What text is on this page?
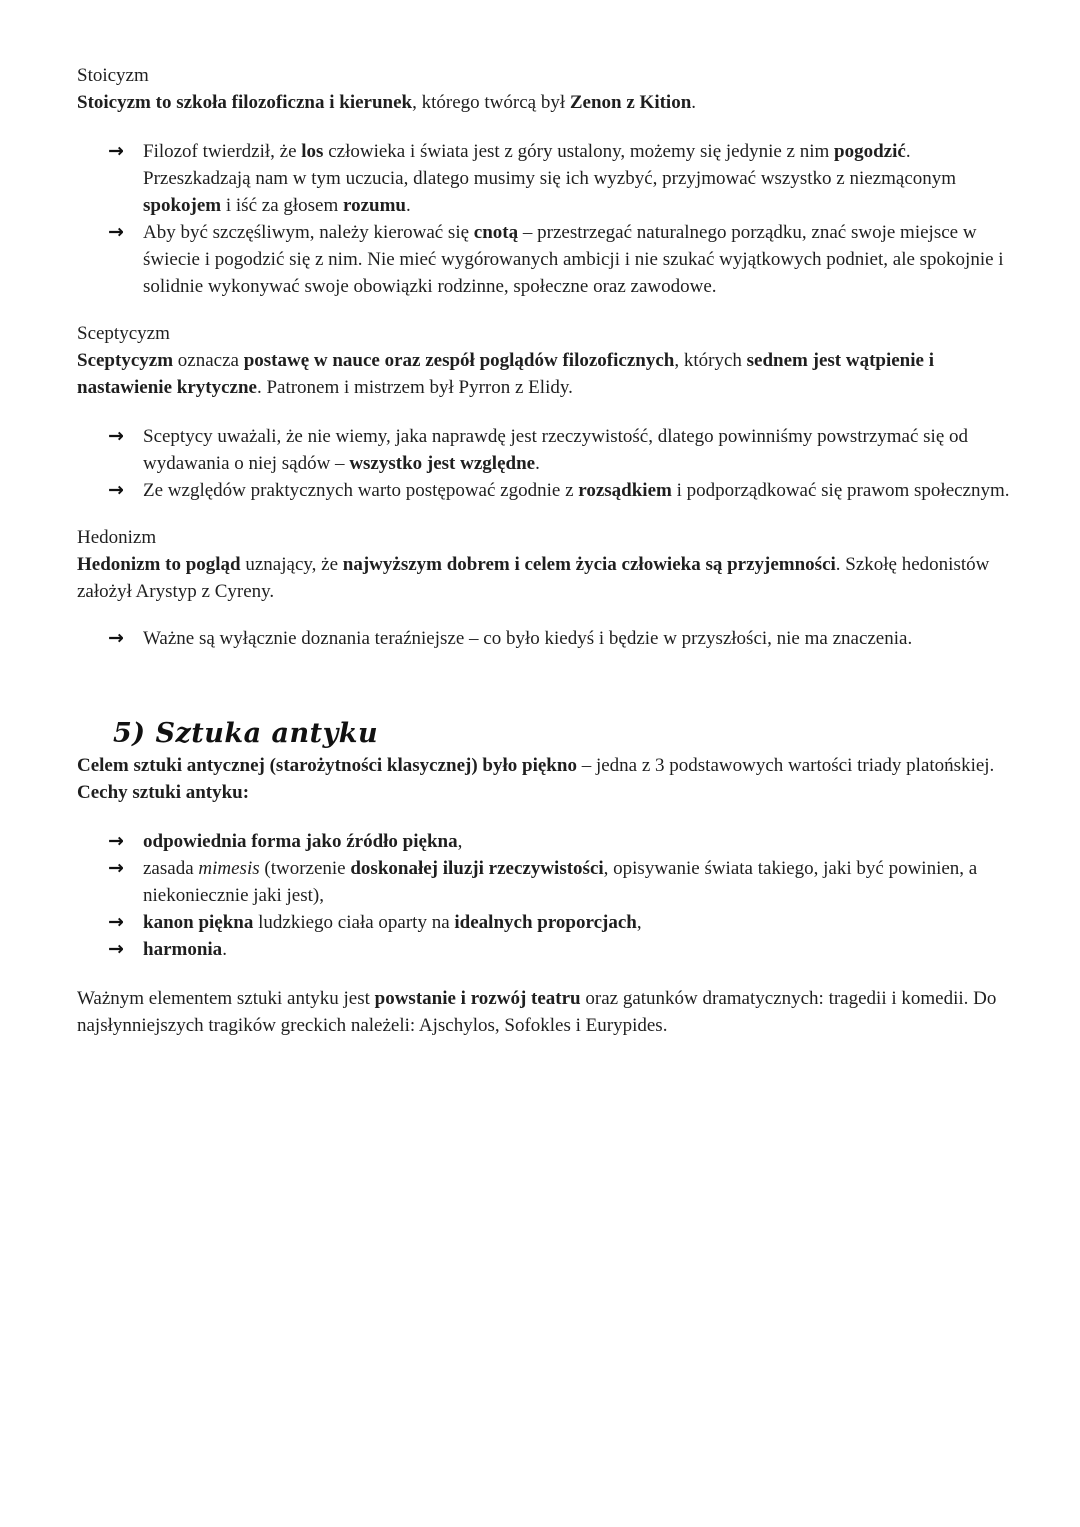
Stoicyzm

Stoicyzm to szkoła filozoficzna i kierunek, którego twórcą był Zenon z Kition.

→ Filozof twierdził, że los człowieka i świata jest z góry ustalony, możemy się jedynie z nim pogodzić. Przeszkadzają nam w tym uczucia, dlatego musimy się ich wyzbyć, przyjmować wszystko z niezmąconym spokojem i iść za głosem rozumu.
→ Aby być szczęśliwym, należy kierować się cnotą – przestrzegać naturalnego porządku, znać swoje miejsce w świecie i pogodzić się z nim. Nie mieć wygórowanych ambicji i nie szukać wyjątkowych podniet, ale spokojnie i solidnie wykonywać swoje obowiązki rodzinne, społeczne oraz zawodowe.

Sceptycyzm

Sceptycyzm oznacza postawę w nauce oraz zespół poglądów filozoficznych, których sednem jest wątpienie i nastawienie krytyczne. Patronem i mistrzem był Pyrron z Elidy.

→ Sceptycy uważali, że nie wiemy, jaka naprawdę jest rzeczywistość, dlatego powinniśmy powstrzymać się od wydawania o niej sądów – wszystko jest względne.
→ Ze względów praktycznych warto postępować zgodnie z rozsądkiem i podporządkować się prawom społecznym.

Hedonizm

Hedonizm to pogląd uznający, że najwyższym dobrem i celem życia człowieka są przyjemności. Szkołę hedonistów założył Arystyp z Cyreny.

→ Ważne są wyłącznie doznania teraźniejsze – co było kiedyś i będzie w przyszłości, nie ma znaczenia.
5) Sztuka antyku

Celem sztuki antycznej (starożytności klasycznej) było piękno – jedna z 3 podstawowych wartości triady platońskiej. Cechy sztuki antyku:

→ odpowiednia forma jako źródło piękna,
→ zasada mimesis (tworzenie doskonałej iluzji rzeczywistości, opisywanie świata takiego, jaki być powinien, a niekoniecznie jaki jest),
→ kanon piękna ludzkiego ciała oparty na idealnych proporcjach,
→ harmonia.

Ważnym elementem sztuki antyku jest powstanie i rozwój teatru oraz gatunków dramatycznych: tragedii i komedii. Do najsłynniejszych tragików greckich należeli: Ajschylos, Sofokles i Eurypides.
